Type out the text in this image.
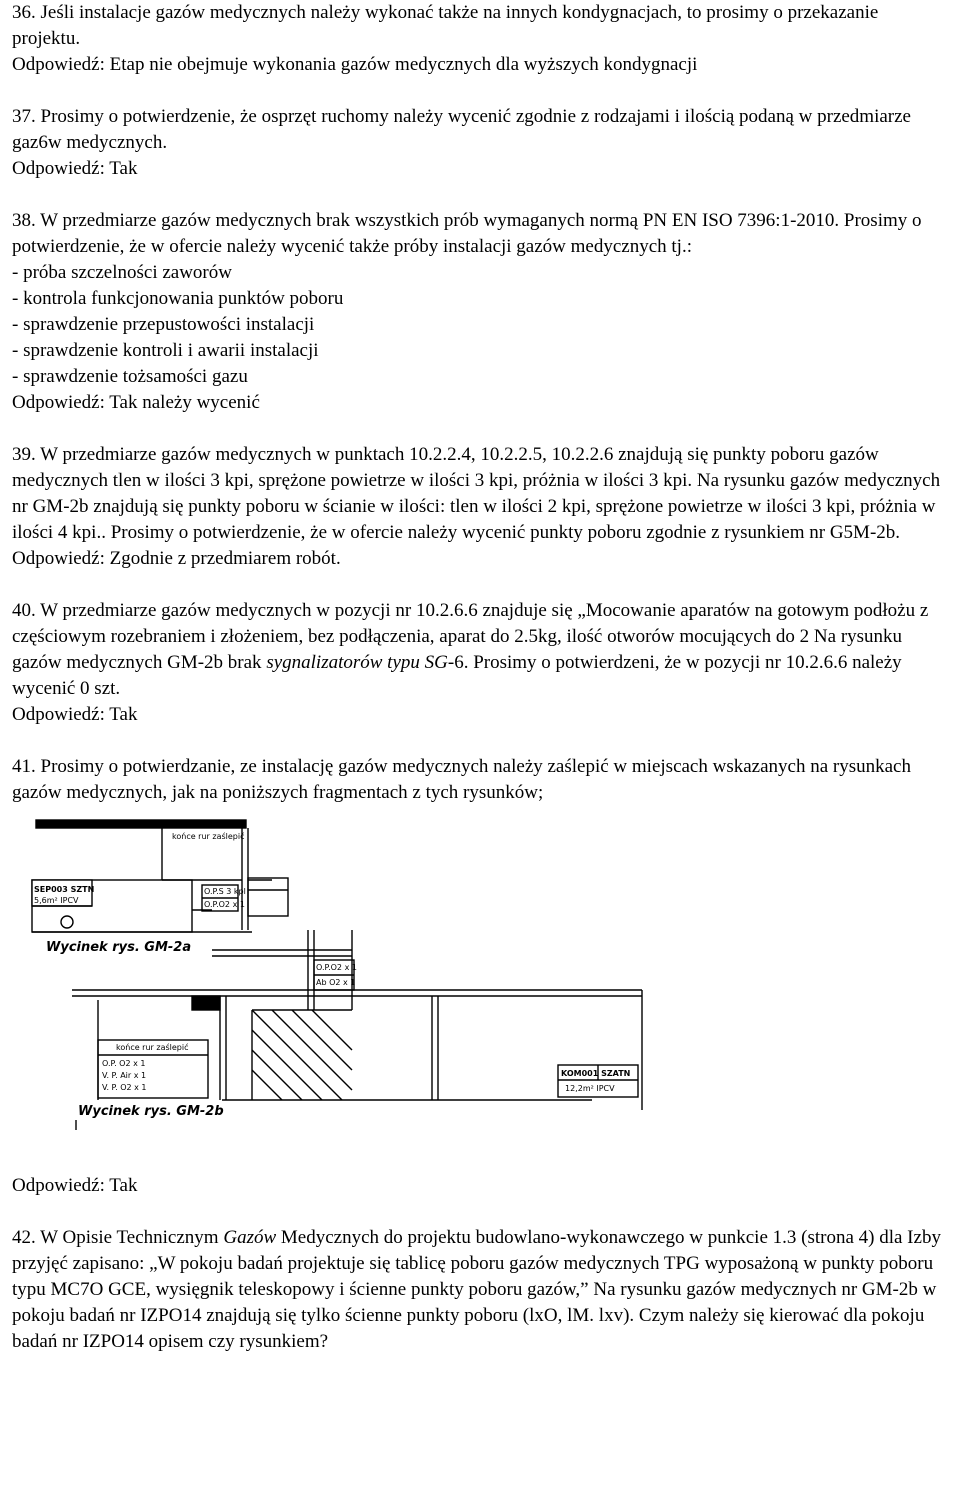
36. Jeśli instalacje gazów medycznych należy wykonać także na innych kondygnacjach, to prosimy o przekazanie projektu.

Odpowiedź: Etap nie obejmuje wykonania gazów medycznych dla wyższych kondygnacji

37. Prosimy o potwierdzenie, że osprzęt ruchomy należy wycenić zgodnie z rodzajami i ilością podaną w przedmiarze gaz6w medycznych.

Odpowiedź: Tak

38. W przedmiarze gazów medycznych brak wszystkich prób wymaganych normą PN EN ISO 7396:1-2010. Prosimy o potwierdzenie, że w ofercie należy wycenić także próby instalacji gazów medycznych tj.:

- próba szczelności zaworów

- kontrola funkcjonowania punktów poboru

- sprawdzenie przepustowości instalacji

- sprawdzenie kontroli i awarii instalacji

- sprawdzenie tożsamości gazu

Odpowiedź: Tak należy wycenić

39. W przedmiarze gazów medycznych w punktach 10.2.2.4, 10.2.2.5, 10.2.2.6 znajdują się punkty poboru gazów medycznych tlen w ilości 3 kpi, sprężone powietrze w ilości 3 kpi, próżnia w ilości 3 kpi. Na rysunku gazów medycznych nr GM-2b znajdują się punkty poboru w ścianie w ilości: tlen w ilości 2 kpi, sprężone powietrze w ilości 3 kpi, próżnia w ilości 4 kpi.. Prosimy o potwierdzenie, że w ofercie należy wycenić punkty poboru zgodnie z rysunkiem nr G5M-2b.

Odpowiedź: Zgodnie z przedmiarem robót.

40. W przedmiarze gazów medycznych w pozycji nr 10.2.6.6 znajduje się „Mocowanie aparatów na gotowym podłożu z częściowym rozebraniem i złożeniem, bez podłączenia, aparat do 2.5kg, ilość otworów mocujących do 2 Na rysunku gazów medycznych GM-2b brak sygnalizatorów typu SG-6. Prosimy o potwierdzeni, że w pozycji nr 10.2.6.6 należy wycenić 0 szt.

Odpowiedź: Tak

41. Prosimy o potwierdzanie, ze instalację gazów medycznych należy zaślepić w miejscach wskazanych na rysunkach gazów medycznych, jak na poniższych fragmentach z tych rysunków;

SEP003 SZTN
5,6m² IPCV
końce rur zaślepić
O.P.S 3 kpl
O.P.O2 x 1
O.P.O2 x 1
Ab O2 x 1
Wycinek rys. GM-2a
końce rur zaślepić
O.P. O2 x 1
V. P. Air x 1
V. P. O2 x 1
KOM001 SZATN
12,2m² IPCV
Wycinek rys. GM-2b

Odpowiedź: Tak

42. W Opisie Technicznym Gazów Medycznych do projektu budowlano-wykonawczego w punkcie 1.3 (strona 4) dla Izby przyjęć zapisano: „W pokoju badań projektuje się tablicę poboru gazów medycznych TPG wyposażoną w punkty poboru typu MC7O GCE, wysięgnik teleskopowy i ścienne punkty poboru gazów,” Na rysunku gazów medycznych nr GM-2b w pokoju badań nr IZPO14 znajdują się tylko ścienne punkty poboru (lxO, lM. lxv). Czym należy się kierować dla pokoju badań nr IZPO14 opisem czy rysunkiem?
